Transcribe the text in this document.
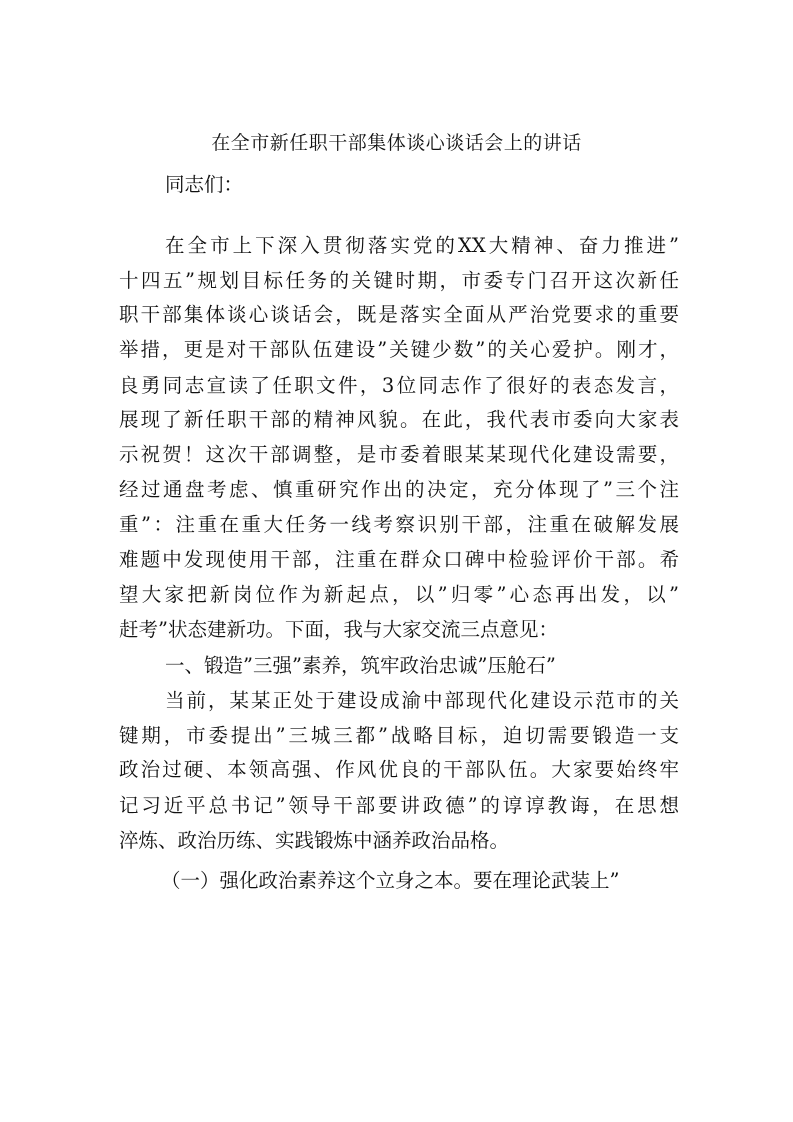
在全市新任职干部集体谈心谈话会上的讲话
同志们：
在全市上下深入贯彻落实党的XX大精神、奋力推进”
十四五”规划目标任务的关键时期，市委专门召开这次新任
职干部集体谈心谈话会，既是落实全面从严治党要求的重要
举措，更是对干部队伍建设”关键少数”的关心爱护。刚才，
良勇同志宣读了任职文件，3位同志作了很好的表态发言，
展现了新任职干部的精神风貌。在此，我代表市委向大家表
示祝贺！这次干部调整，是市委着眼某某现代化建设需要，
经过通盘考虑、慎重研究作出的决定，充分体现了”三个注
重”：注重在重大任务一线考察识别干部，注重在破解发展
难题中发现使用干部，注重在群众口碑中检验评价干部。希
望大家把新岗位作为新起点，以”归零”心态再出发，以”
赶考”状态建新功。下面，我与大家交流三点意见：
一、锻造”三强”素养，筑牢政治忠诚”压舱石”
当前，某某正处于建设成渝中部现代化建设示范市的关
键期，市委提出”三城三都”战略目标，迫切需要锻造一支
政治过硬、本领高强、作风优良的干部队伍。大家要始终牢
记习近平总书记”领导干部要讲政德”的谆谆教诲，在思想
淬炼、政治历练、实践锻炼中涵养政治品格。
（一）强化政治素养这个立身之本。要在理论武装上”
